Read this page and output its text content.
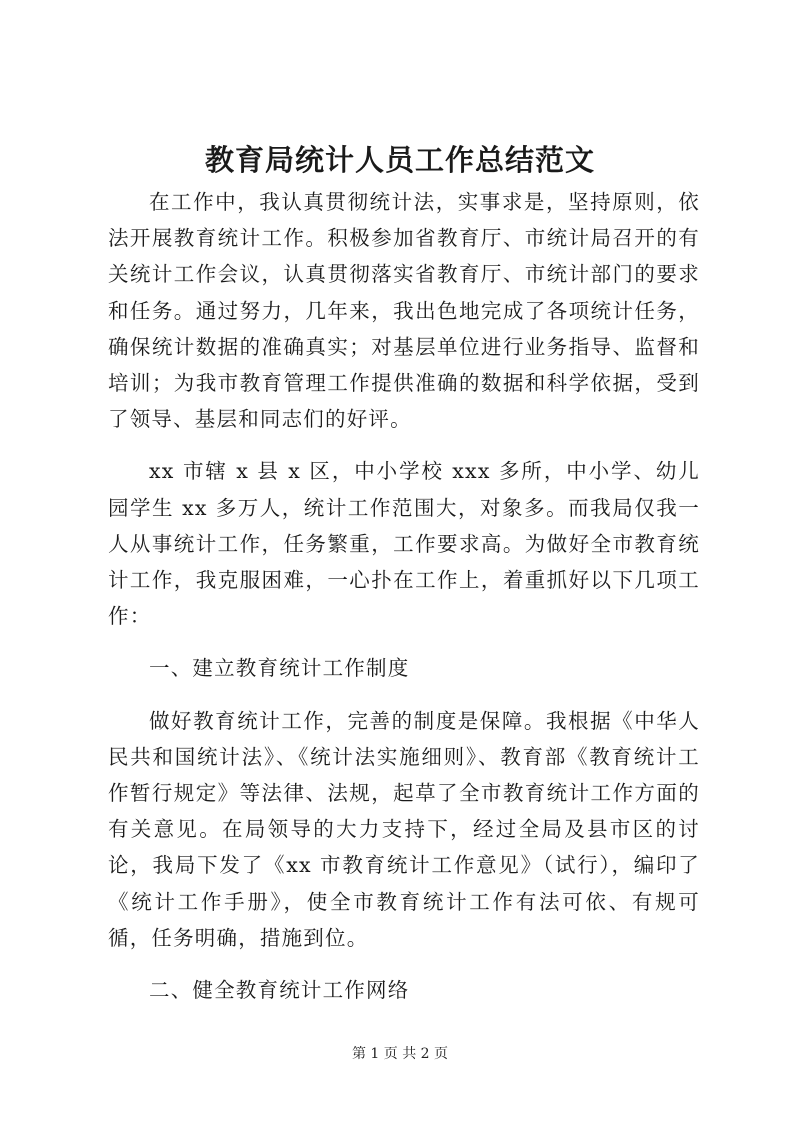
教育局统计人员工作总结范文

在工作中，我认真贯彻统计法，实事求是，坚持原则，依法开展教育统计工作。积极参加省教育厅、市统计局召开的有关统计工作会议，认真贯彻落实省教育厅、市统计部门的要求和任务。通过努力，几年来，我出色地完成了各项统计任务，确保统计数据的准确真实；对基层单位进行业务指导、监督和培训；为我市教育管理工作提供准确的数据和科学依据，受到了领导、基层和同志们的好评。

xx 市辖 x 县 x 区，中小学校 xxx 多所，中小学、幼儿园学生 xx 多万人，统计工作范围大，对象多。而我局仅我一人从事统计工作，任务繁重，工作要求高。为做好全市教育统计工作，我克服困难，一心扑在工作上，着重抓好以下几项工作：

一、建立教育统计工作制度

做好教育统计工作，完善的制度是保障。我根据《中华人民共和国统计法》、《统计法实施细则》、教育部《教育统计工作暂行规定》等法律、法规，起草了全市教育统计工作方面的有关意见。在局领导的大力支持下，经过全局及县市区的讨论，我局下发了《xx 市教育统计工作意见》（试行），编印了《统计工作手册》，使全市教育统计工作有法可依、有规可循，任务明确，措施到位。

二、健全教育统计工作网络

第 1 页 共 2 页
